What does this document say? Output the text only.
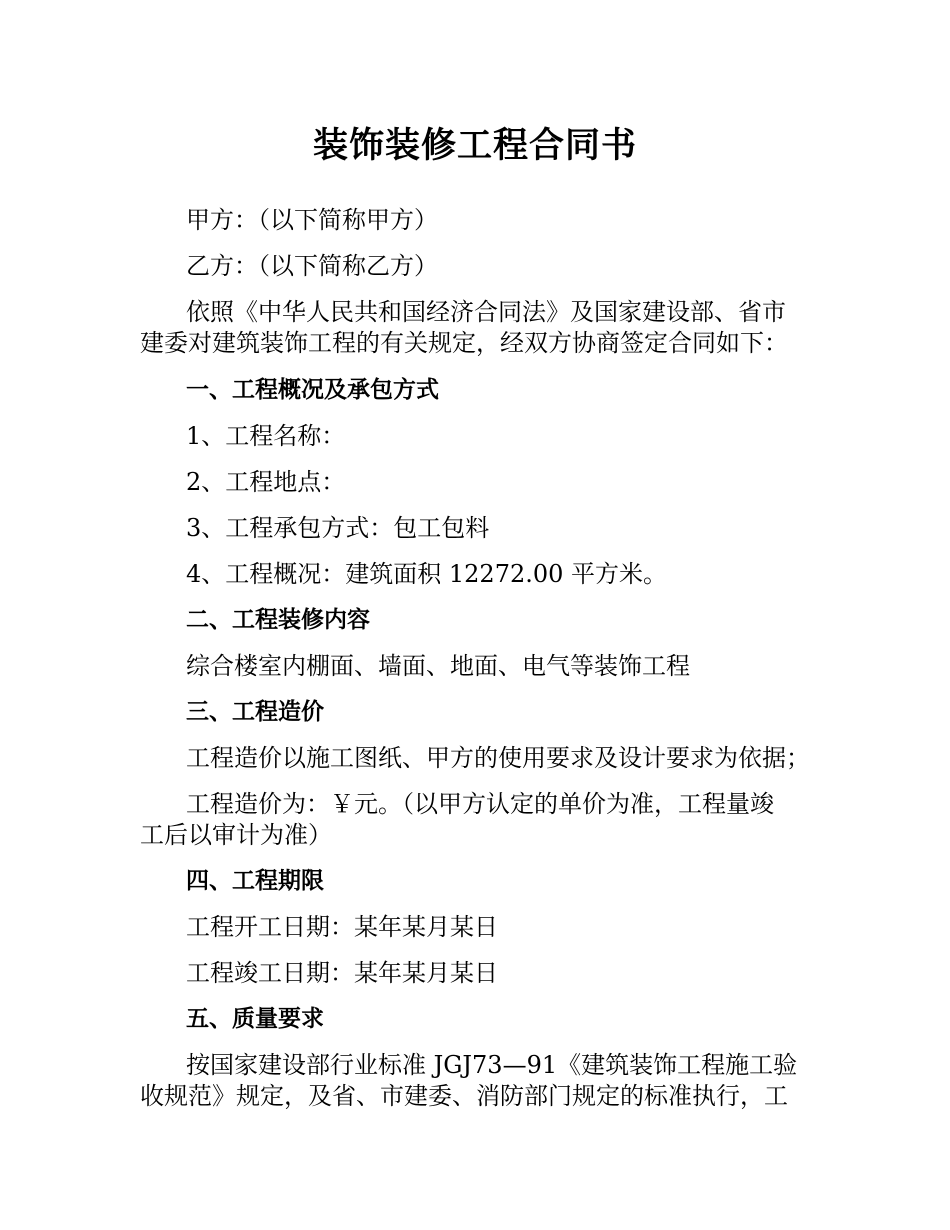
装饰装修工程合同书
甲方：（以下简称甲方）
乙方：（以下简称乙方）
依照《中华人民共和国经济合同法》及国家建设部、省市
建委对建筑装饰工程的有关规定，经双方协商签定合同如下：
一、工程概况及承包方式
1、工程名称：
2、工程地点：
3、工程承包方式：包工包料
4、工程概况：建筑面积 12272.00 平方米。
二、工程装修内容
综合楼室内棚面、墙面、地面、电气等装饰工程
三、工程造价
工程造价以施工图纸、甲方的使用要求及设计要求为依据；
工程造价为：￥元。（以甲方认定的单价为准，工程量竣
工后以审计为准）
四、工程期限
工程开工日期：某年某月某日
工程竣工日期：某年某月某日
五、质量要求
按国家建设部行业标准 JGJ73—91《建筑装饰工程施工验
收规范》规定，及省、市建委、消防部门规定的标准执行，工
